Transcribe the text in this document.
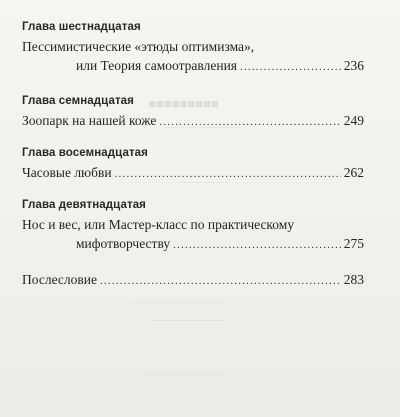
■■■■■■■■■
────────────
─────────
───────────────────
───────────────
─────────────────
Глава шестнадцатая
Пессимистические «этюды оптимизма»,
или Теория самоотравления .....	236
Глава семнадцатая
Зоопарк на нашей коже .....	249
Глава восемнадцатая
Часовые любви .....	262
Глава девятнадцатая
Нос и вес, или Мастер-класс по практическому
мифотворчеству .....	275
Послесловие .....	283
